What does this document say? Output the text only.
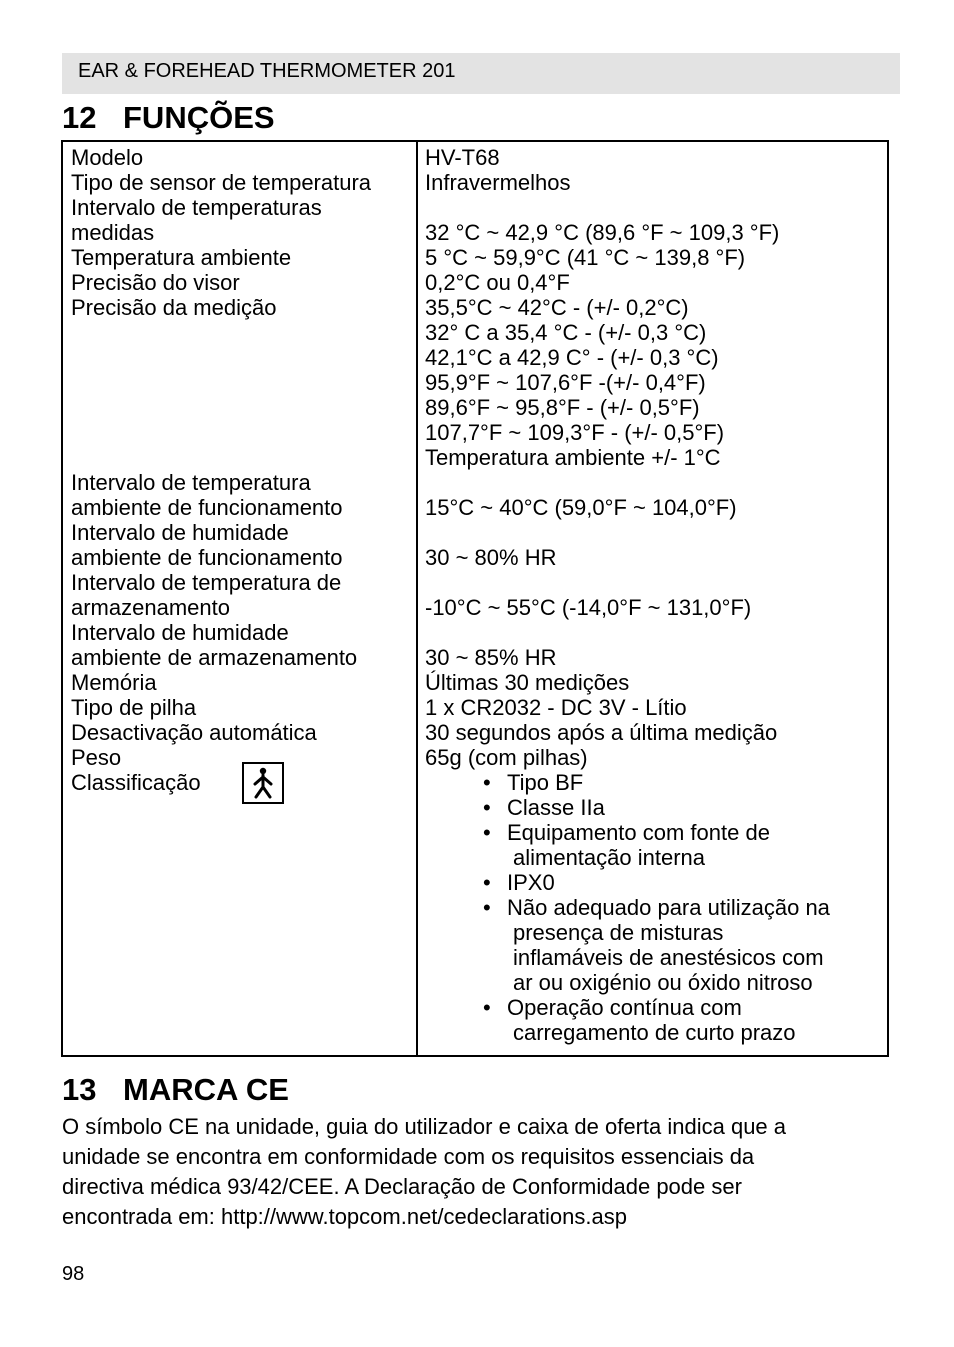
EAR & FOREHEAD THERMOMETER 201
12 FUNÇÕES
Modelo
Tipo de sensor de temperatura
Intervalo de temperaturas
medidas
Temperatura ambiente
Precisão do visor
Precisão da medição
Intervalo de temperatura
ambiente de funcionamento
Intervalo de humidade
ambiente de funcionamento
Intervalo de temperatura de
armazenamento
Intervalo de humidade
ambiente de armazenamento
Memória
Tipo de pilha
Desactivação automática
Peso
Classificação
HV-T68
Infravermelhos
32 °C ~ 42,9 °C (89,6 °F ~ 109,3 °F)
5 °C ~ 59,9°C (41 °C ~ 139,8 °F)
0,2°C ou 0,4°F
35,5°C ~ 42°C - (+/- 0,2°C)
32° C a 35,4 °C - (+/- 0,3 °C)
42,1°C a 42,9 C° - (+/- 0,3 °C)
95,9°F ~ 107,6°F -(+/- 0,4°F)
89,6°F ~ 95,8°F - (+/- 0,5°F)
107,7°F ~ 109,3°F - (+/- 0,5°F)
Temperatura ambiente +/- 1°C
15°C ~ 40°C (59,0°F ~ 104,0°F)
30 ~ 80% HR
-10°C ~ 55°C (-14,0°F ~ 131,0°F)
30 ~ 85% HR
Últimas 30 medições
1 x CR2032 - DC 3V - Lítio
30 segundos após a última medição
65g (com pilhas)
• Tipo BF
• Classe IIa
• Equipamento com fonte de
alimentação interna
• IPX0
• Não adequado para utilização na
presença de misturas
inflamáveis de anestésicos com
ar ou oxigénio ou óxido nitroso
• Operação contínua com
carregamento de curto prazo
13 MARCA CE
O símbolo CE na unidade, guia do utilizador e caixa de oferta indica que a
unidade se encontra em conformidade com os requisitos essenciais da
directiva médica 93/42/CEE. A Declaração de Conformidade pode ser
encontrada em: http://www.topcom.net/cedeclarations.asp
98
